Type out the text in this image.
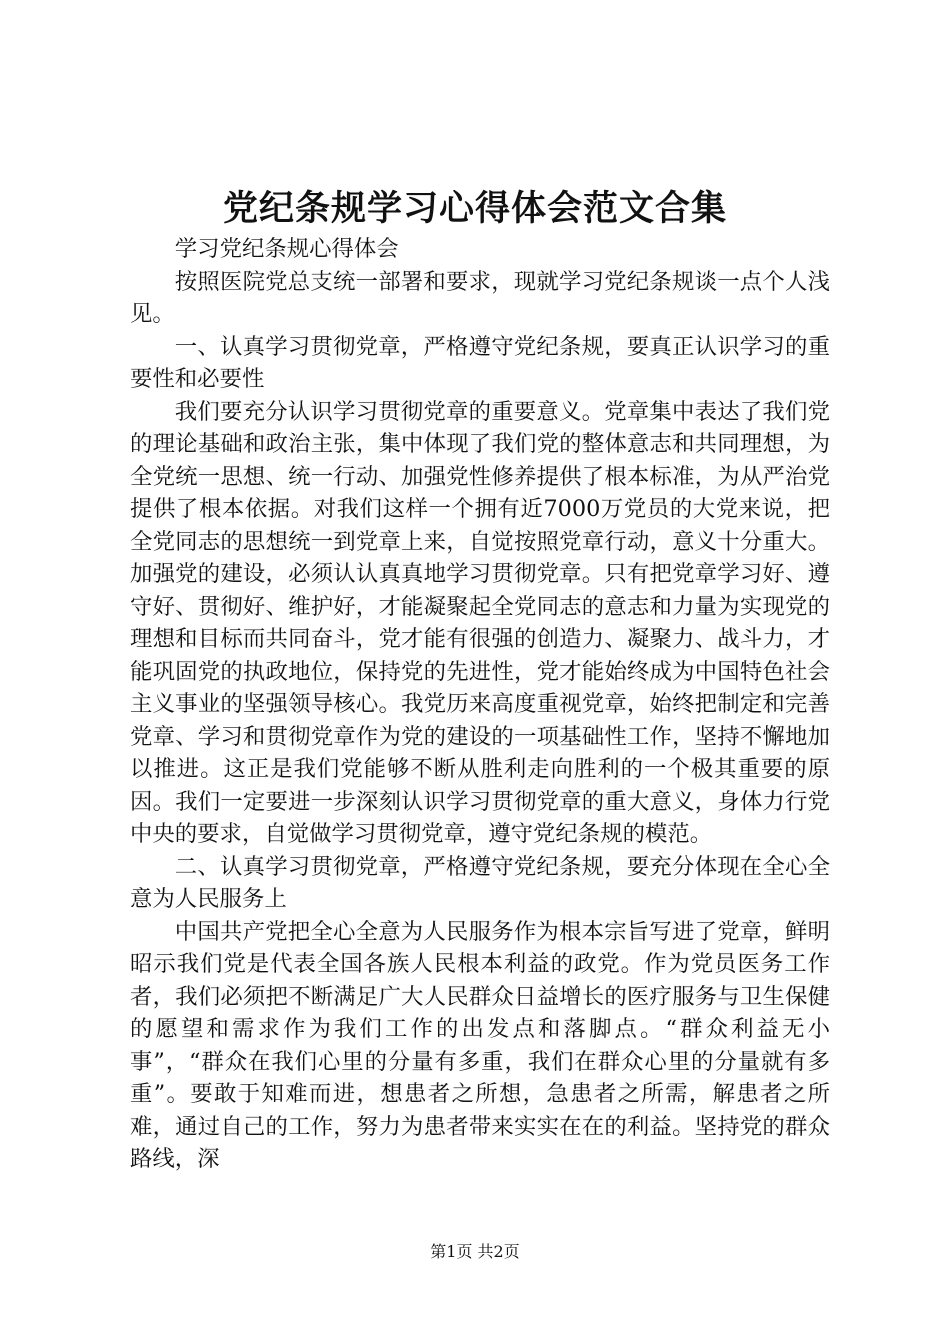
党纪条规学习心得体会范文合集

学习党纪条规心得体会

按照医院党总支统一部署和要求，现就学习党纪条规谈一点个人浅见。

一、认真学习贯彻党章，严格遵守党纪条规，要真正认识学习的重要性和必要性

我们要充分认识学习贯彻党章的重要意义。党章集中表达了我们党的理论基础和政治主张，集中体现了我们党的整体意志和共同理想，为全党统一思想、统一行动、加强党性修养提供了根本标准，为从严治党提供了根本依据。对我们这样一个拥有近7000万党员的大党来说，把全党同志的思想统一到党章上来，自觉按照党章行动，意义十分重大。加强党的建设，必须认认真真地学习贯彻党章。只有把党章学习好、遵守好、贯彻好、维护好，才能凝聚起全党同志的意志和力量为实现党的理想和目标而共同奋斗，党才能有很强的创造力、凝聚力、战斗力，才能巩固党的执政地位，保持党的先进性，党才能始终成为中国特色社会主义事业的坚强领导核心。我党历来高度重视党章，始终把制定和完善党章、学习和贯彻党章作为党的建设的一项基础性工作，坚持不懈地加以推进。这正是我们党能够不断从胜利走向胜利的一个极其重要的原因。我们一定要进一步深刻认识学习贯彻党章的重大意义，身体力行党中央的要求，自觉做学习贯彻党章，遵守党纪条规的模范。

二、认真学习贯彻党章，严格遵守党纪条规，要充分体现在全心全意为人民服务上

中国共产党把全心全意为人民服务作为根本宗旨写进了党章，鲜明昭示我们党是代表全国各族人民根本利益的政党。作为党员医务工作者，我们必须把不断满足广大人民群众日益增长的医疗服务与卫生保健的愿望和需求作为我们工作的出发点和落脚点。“群众利益无小事”，“群众在我们心里的分量有多重，我们在群众心里的分量就有多重”。要敢于知难而进，想患者之所想，急患者之所需，解患者之所难，通过自己的工作，努力为患者带来实实在在的利益。坚持党的群众路线，深

第1页 共2页
